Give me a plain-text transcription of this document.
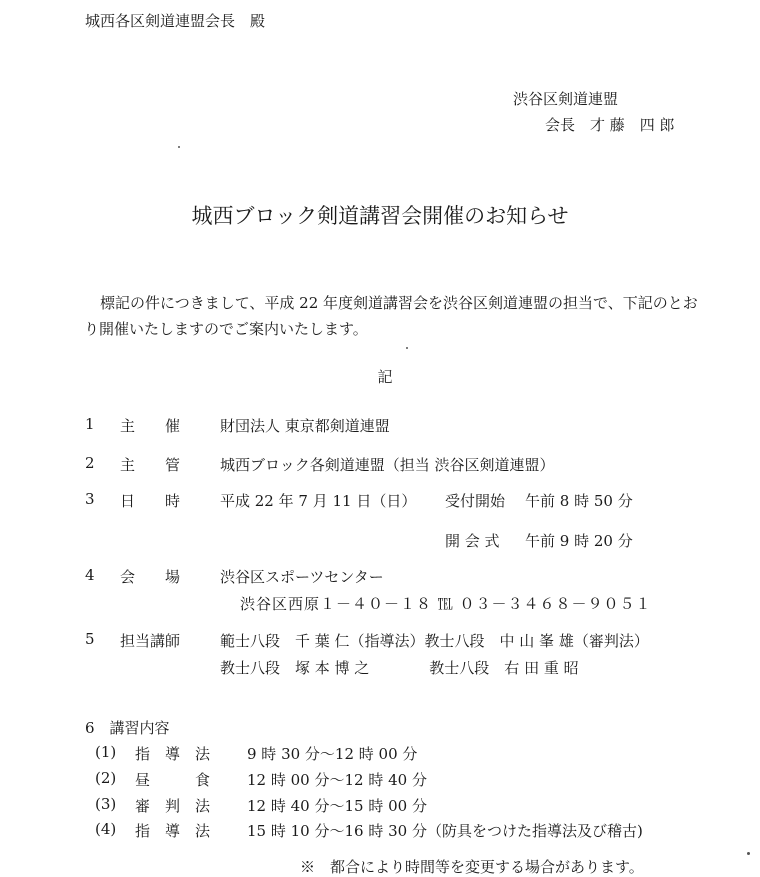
城西各区剣道連盟会長　殿
渋谷区剣道連盟
会長　才 藤　四 郎
城西ブロック剣道講習会開催のお知らせ
標記の件につきまして、平成 22 年度剣道講習会を渋谷区剣道連盟の担当で、下記のとおり開催いたしますのでご案内いたします。
記
1 主 催	財団法人 東京都剣道連盟
2 主 管	城西ブロック各剣道連盟（担当 渋谷区剣道連盟）
3 日 時	平成 22 年 7 月 11 日（日） 受付開始 午前 8 時 50 分
開 会 式 午前 9 時 20 分
4 会 場	渋谷区スポーツセンター
渋谷区西原１－４０－１８ ℡ ０３－３４６８－９０５１
5 担当講師	範士八段　千 葉 仁（指導法）教士八段　中 山 峯 雄（審判法）
教士八段　塚 本 博 之　　　　教士八段　右 田 重 昭
6　講習内容
(1) 指　導　法 9 時 30 分～12 時 00 分
(2) 昼　　　食 12 時 00 分～12 時 40 分
(3) 審　判　法 12 時 40 分～15 時 00 分
(4) 指　導　法 15 時 10 分～16 時 30 分（防具をつけた指導法及び稽古)
※　都合により時間等を変更する場合があります。
